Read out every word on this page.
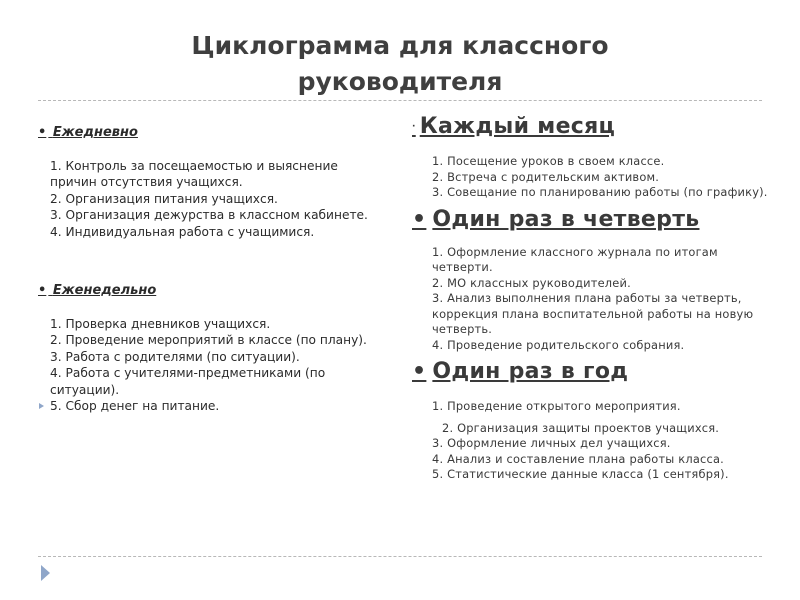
Циклограмма для классного
руководителя
• Ежедневно
1. Контроль за посещаемостью и выяснение причин отсутствия учащихся.
2. Организация питания учащихся.
3. Организация дежурства в классном кабинете.
4. Индивидуальная работа с учащимися.
• Еженедельно
1. Проверка дневников учащихся.
2. Проведение мероприятий в классе (по плану).
3. Работа с родителями (по ситуации).
4. Работа с учителями-предметниками (по ситуации).
5. Сбор денег на питание.
· Каждый месяц
1. Посещение уроков в своем классе.
2. Встреча с родительским активом.
3. Совещание по планированию работы (по графику).
• Один раз в четверть
1. Оформление классного журнала по итогам четверти.
2. МО классных руководителей.
3. Анализ выполнения плана работы за четверть, коррекция плана воспитательной работы на новую четверть.
4. Проведение родительского собрания.
• Один раз в год
1. Проведение открытого мероприятия.
2. Организация защиты проектов учащихся.
3. Оформление личных дел учащихся.
4. Анализ и составление плана работы класса.
5. Статистические данные класса (1 сентября).
